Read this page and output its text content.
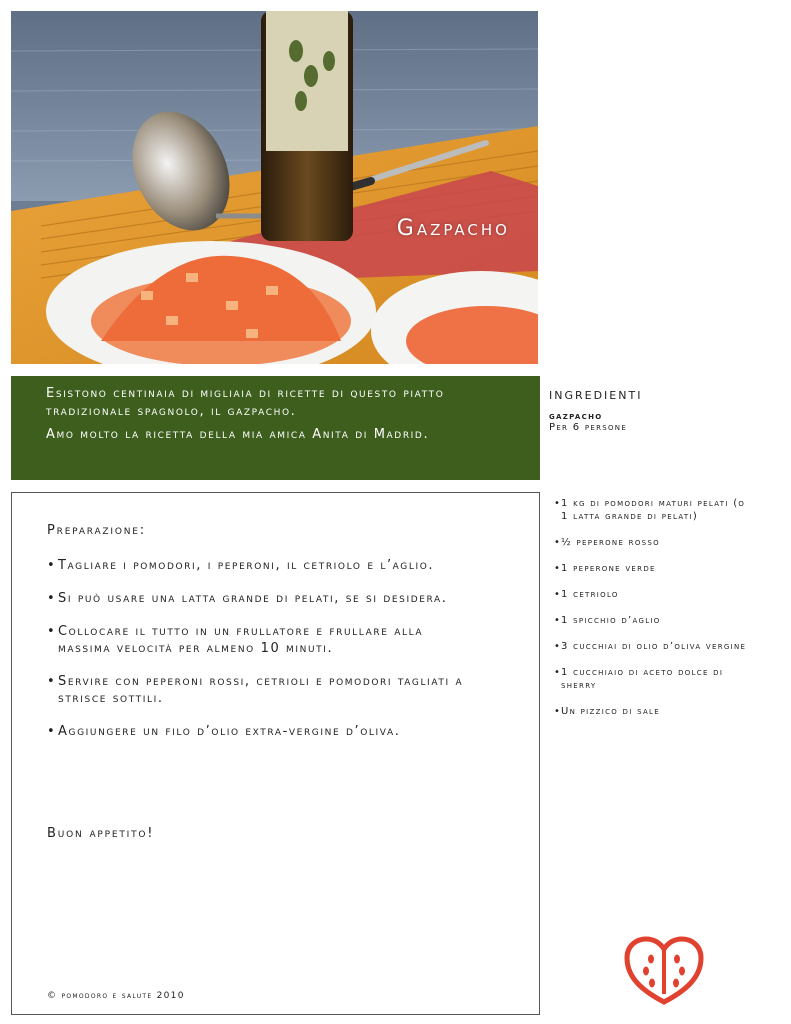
Gazpacho

Esistono centinaia di migliaia di ricette di questo piatto tradizionale spagnolo, il gazpacho.

Amo molto la ricetta della mia amica Anita di Madrid.

ingredienti
gazpacho
Per 6 persone
Preparazione:
• Tagliare i pomodori, i peperoni, il cetriolo e l’aglio.
• Si può usare una latta grande di pelati, se si desidera.
• Collocare il tutto in un frullatore e frullare alla massima velocità per almeno 10 minuti.
• Servire con peperoni rossi, cetrioli e pomodori tagliati a strisce sottili.
• Aggiungere un filo d’olio extra-vergine d’oliva.
Buon appetito!
© pomodoro e salute 2010
• 1 kg di pomodori maturi pelati (o 1 latta grande di pelati)
• ½ peperone rosso
• 1 peperone verde
• 1 cetriolo
• 1 spicchio d’aglio
• 3 cucchiai di olio d’oliva vergine
• 1 cucchiaio di aceto dolce di sherry
• Un pizzico di sale
